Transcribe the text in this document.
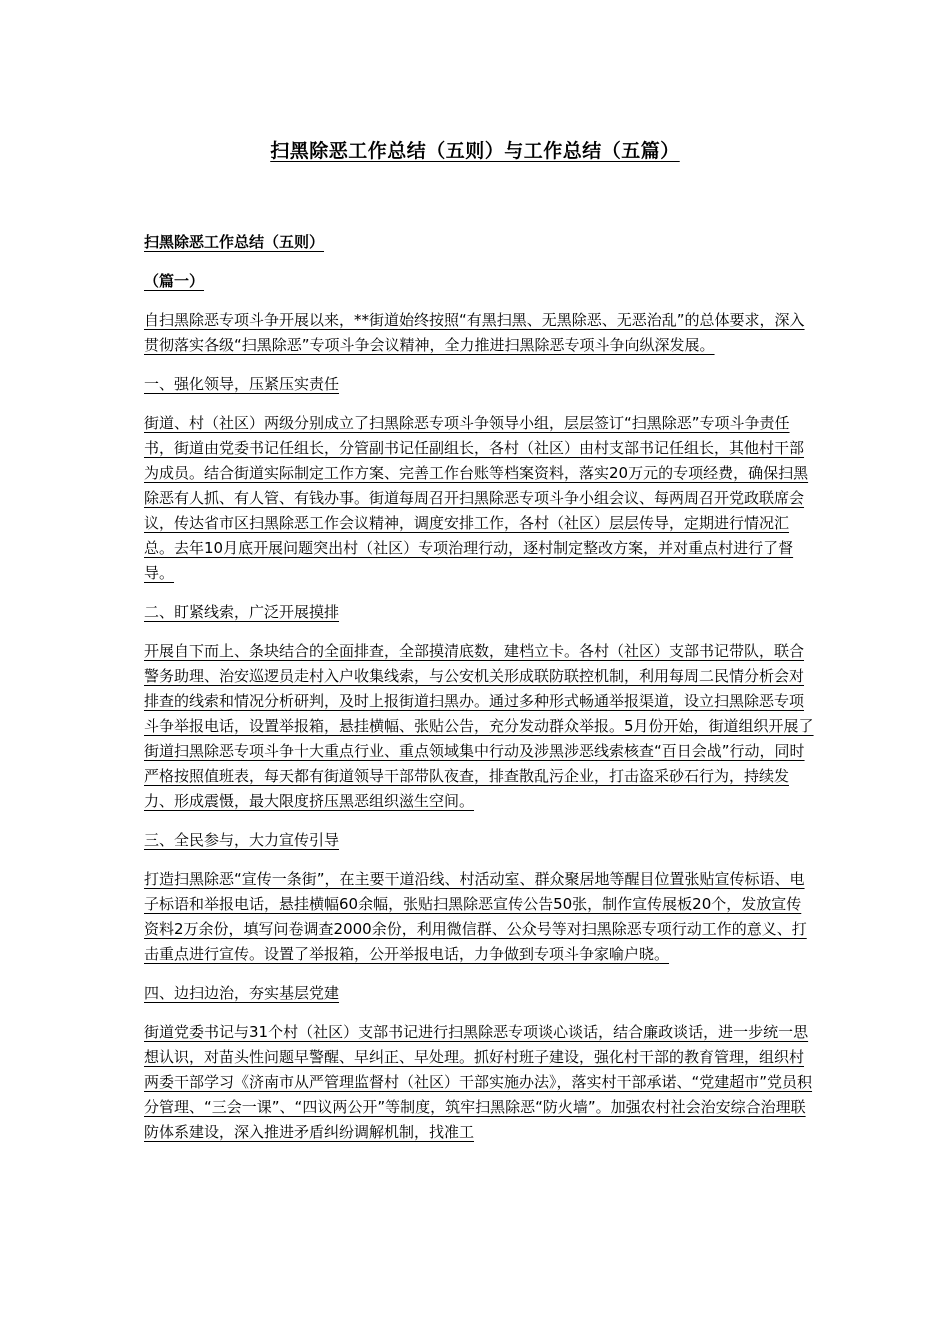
扫黑除恶工作总结（五则）与工作总结（五篇）

扫黑除恶工作总结（五则）

（篇一）

自扫黑除恶专项斗争开展以来，**街道始终按照“有黑扫黑、无黑除恶、无恶治乱”的总体要求，深入贯彻落实各级“扫黑除恶”专项斗争会议精神，全力推进扫黑除恶专项斗争向纵深发展。

一、强化领导，压紧压实责任

街道、村（社区）两级分别成立了扫黑除恶专项斗争领导小组，层层签订“扫黑除恶”专项斗争责任书，街道由党委书记任组长，分管副书记任副组长，各村（社区）由村支部书记任组长，其他村干部为成员。结合街道实际制定工作方案、完善工作台账等档案资料，落实20万元的专项经费，确保扫黑除恶有人抓、有人管、有钱办事。街道每周召开扫黑除恶专项斗争小组会议、每两周召开党政联席会议，传达省市区扫黑除恶工作会议精神，调度安排工作，各村（社区）层层传导，定期进行情况汇总。去年10月底开展问题突出村（社区）专项治理行动，逐村制定整改方案，并对重点村进行了督导。

二、盯紧线索，广泛开展摸排

开展自下而上、条块结合的全面排查，全部摸清底数，建档立卡。各村（社区）支部书记带队，联合警务助理、治安巡逻员走村入户收集线索，与公安机关形成联防联控机制，利用每周二民情分析会对排查的线索和情况分析研判，及时上报街道扫黑办。通过多种形式畅通举报渠道，设立扫黑除恶专项斗争举报电话，设置举报箱，悬挂横幅、张贴公告，充分发动群众举报。5月份开始，街道组织开展了街道扫黑除恶专项斗争十大重点行业、重点领域集中行动及涉黑涉恶线索核查“百日会战”行动，同时严格按照值班表，每天都有街道领导干部带队夜查，排查散乱污企业，打击盗采砂石行为，持续发力、形成震慑，最大限度挤压黑恶组织滋生空间。

三、全民参与，大力宣传引导

打造扫黑除恶“宣传一条街”，在主要干道沿线、村活动室、群众聚居地等醒目位置张贴宣传标语、电子标语和举报电话，悬挂横幅60余幅，张贴扫黑除恶宣传公告50张，制作宣传展板20个，发放宣传资料2万余份，填写问卷调查2000余份，利用微信群、公众号等对扫黑除恶专项行动工作的意义、打击重点进行宣传。设置了举报箱，公开举报电话，力争做到专项斗争家喻户晓。

四、边扫边治，夯实基层党建

街道党委书记与31个村（社区）支部书记进行扫黑除恶专项谈心谈话，结合廉政谈话，进一步统一思想认识，对苗头性问题早警醒、早纠正、早处理。抓好村班子建设，强化村干部的教育管理，组织村两委干部学习《济南市从严管理监督村（社区）干部实施办法》，落实村干部承诺、“党建超市”党员积分管理、“三会一课”、“四议两公开”等制度，筑牢扫黑除恶“防火墙”。加强农村社会治安综合治理联防体系建设，深入推进矛盾纠纷调解机制，找准工
